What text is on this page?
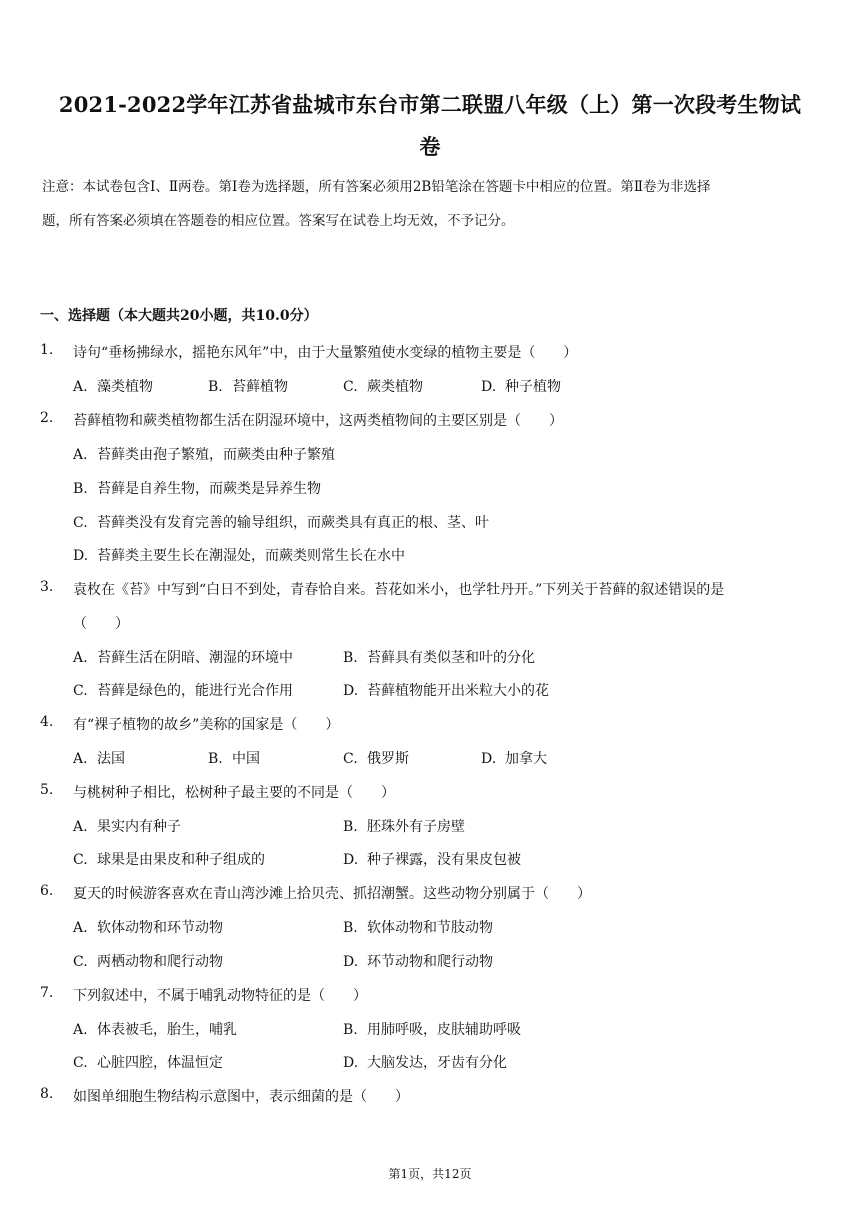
2021-2022学年江苏省盐城市东台市第二联盟八年级（上）第一次段考生物试
卷
注意：本试卷包含Ⅰ、Ⅱ两卷。第Ⅰ卷为选择题，所有答案必须用2B铅笔涂在答题卡中相应的位置。第Ⅱ卷为非选择
题，所有答案必须填在答题卷的相应位置。答案写在试卷上均无效，不予记分。
一、选择题（本大题共20小题，共10.0分）
1.	诗句“垂杨拂绿水，摇艳东风年”中，由于大量繁殖使水变绿的植物主要是（　　）
A. 藻类植物	B. 苔藓植物	C. 蕨类植物	D. 种子植物
2.	苔藓植物和蕨类植物都生活在阴湿环境中，这两类植物间的主要区别是（　　）
A. 苔藓类由孢子繁殖，而蕨类由种子繁殖
B. 苔藓是自养生物，而蕨类是异养生物
C. 苔藓类没有发育完善的输导组织，而蕨类具有真正的根、茎、叶
D. 苔藓类主要生长在潮湿处，而蕨类则常生长在水中
3.	袁枚在《苔》中写到“白日不到处，青春恰自来。苔花如米小，也学牡丹开。”下列关于苔藓的叙述错误的是
（　　）
A. 苔藓生活在阴暗、潮湿的环境中	B. 苔藓具有类似茎和叶的分化
C. 苔藓是绿色的，能进行光合作用	D. 苔藓植物能开出米粒大小的花
4.	有“裸子植物的故乡”美称的国家是（　　）
A. 法国	B. 中国	C. 俄罗斯	D. 加拿大
5.	与桃树种子相比，松树种子最主要的不同是（　　）
A. 果实内有种子	B. 胚珠外有子房壁
C. 球果是由果皮和种子组成的	D. 种子裸露，没有果皮包被
6.	夏天的时候游客喜欢在青山湾沙滩上拾贝壳、抓招潮蟹。这些动物分别属于（　　）
A. 软体动物和环节动物	B. 软体动物和节肢动物
C. 两栖动物和爬行动物	D. 环节动物和爬行动物
7.	下列叙述中，不属于哺乳动物特征的是（　　）
A. 体表被毛，胎生，哺乳	B. 用肺呼吸，皮肤辅助呼吸
C. 心脏四腔，体温恒定	D. 大脑发达，牙齿有分化
8.	如图单细胞生物结构示意图中，表示细菌的是（　　）
第1页，共12页
